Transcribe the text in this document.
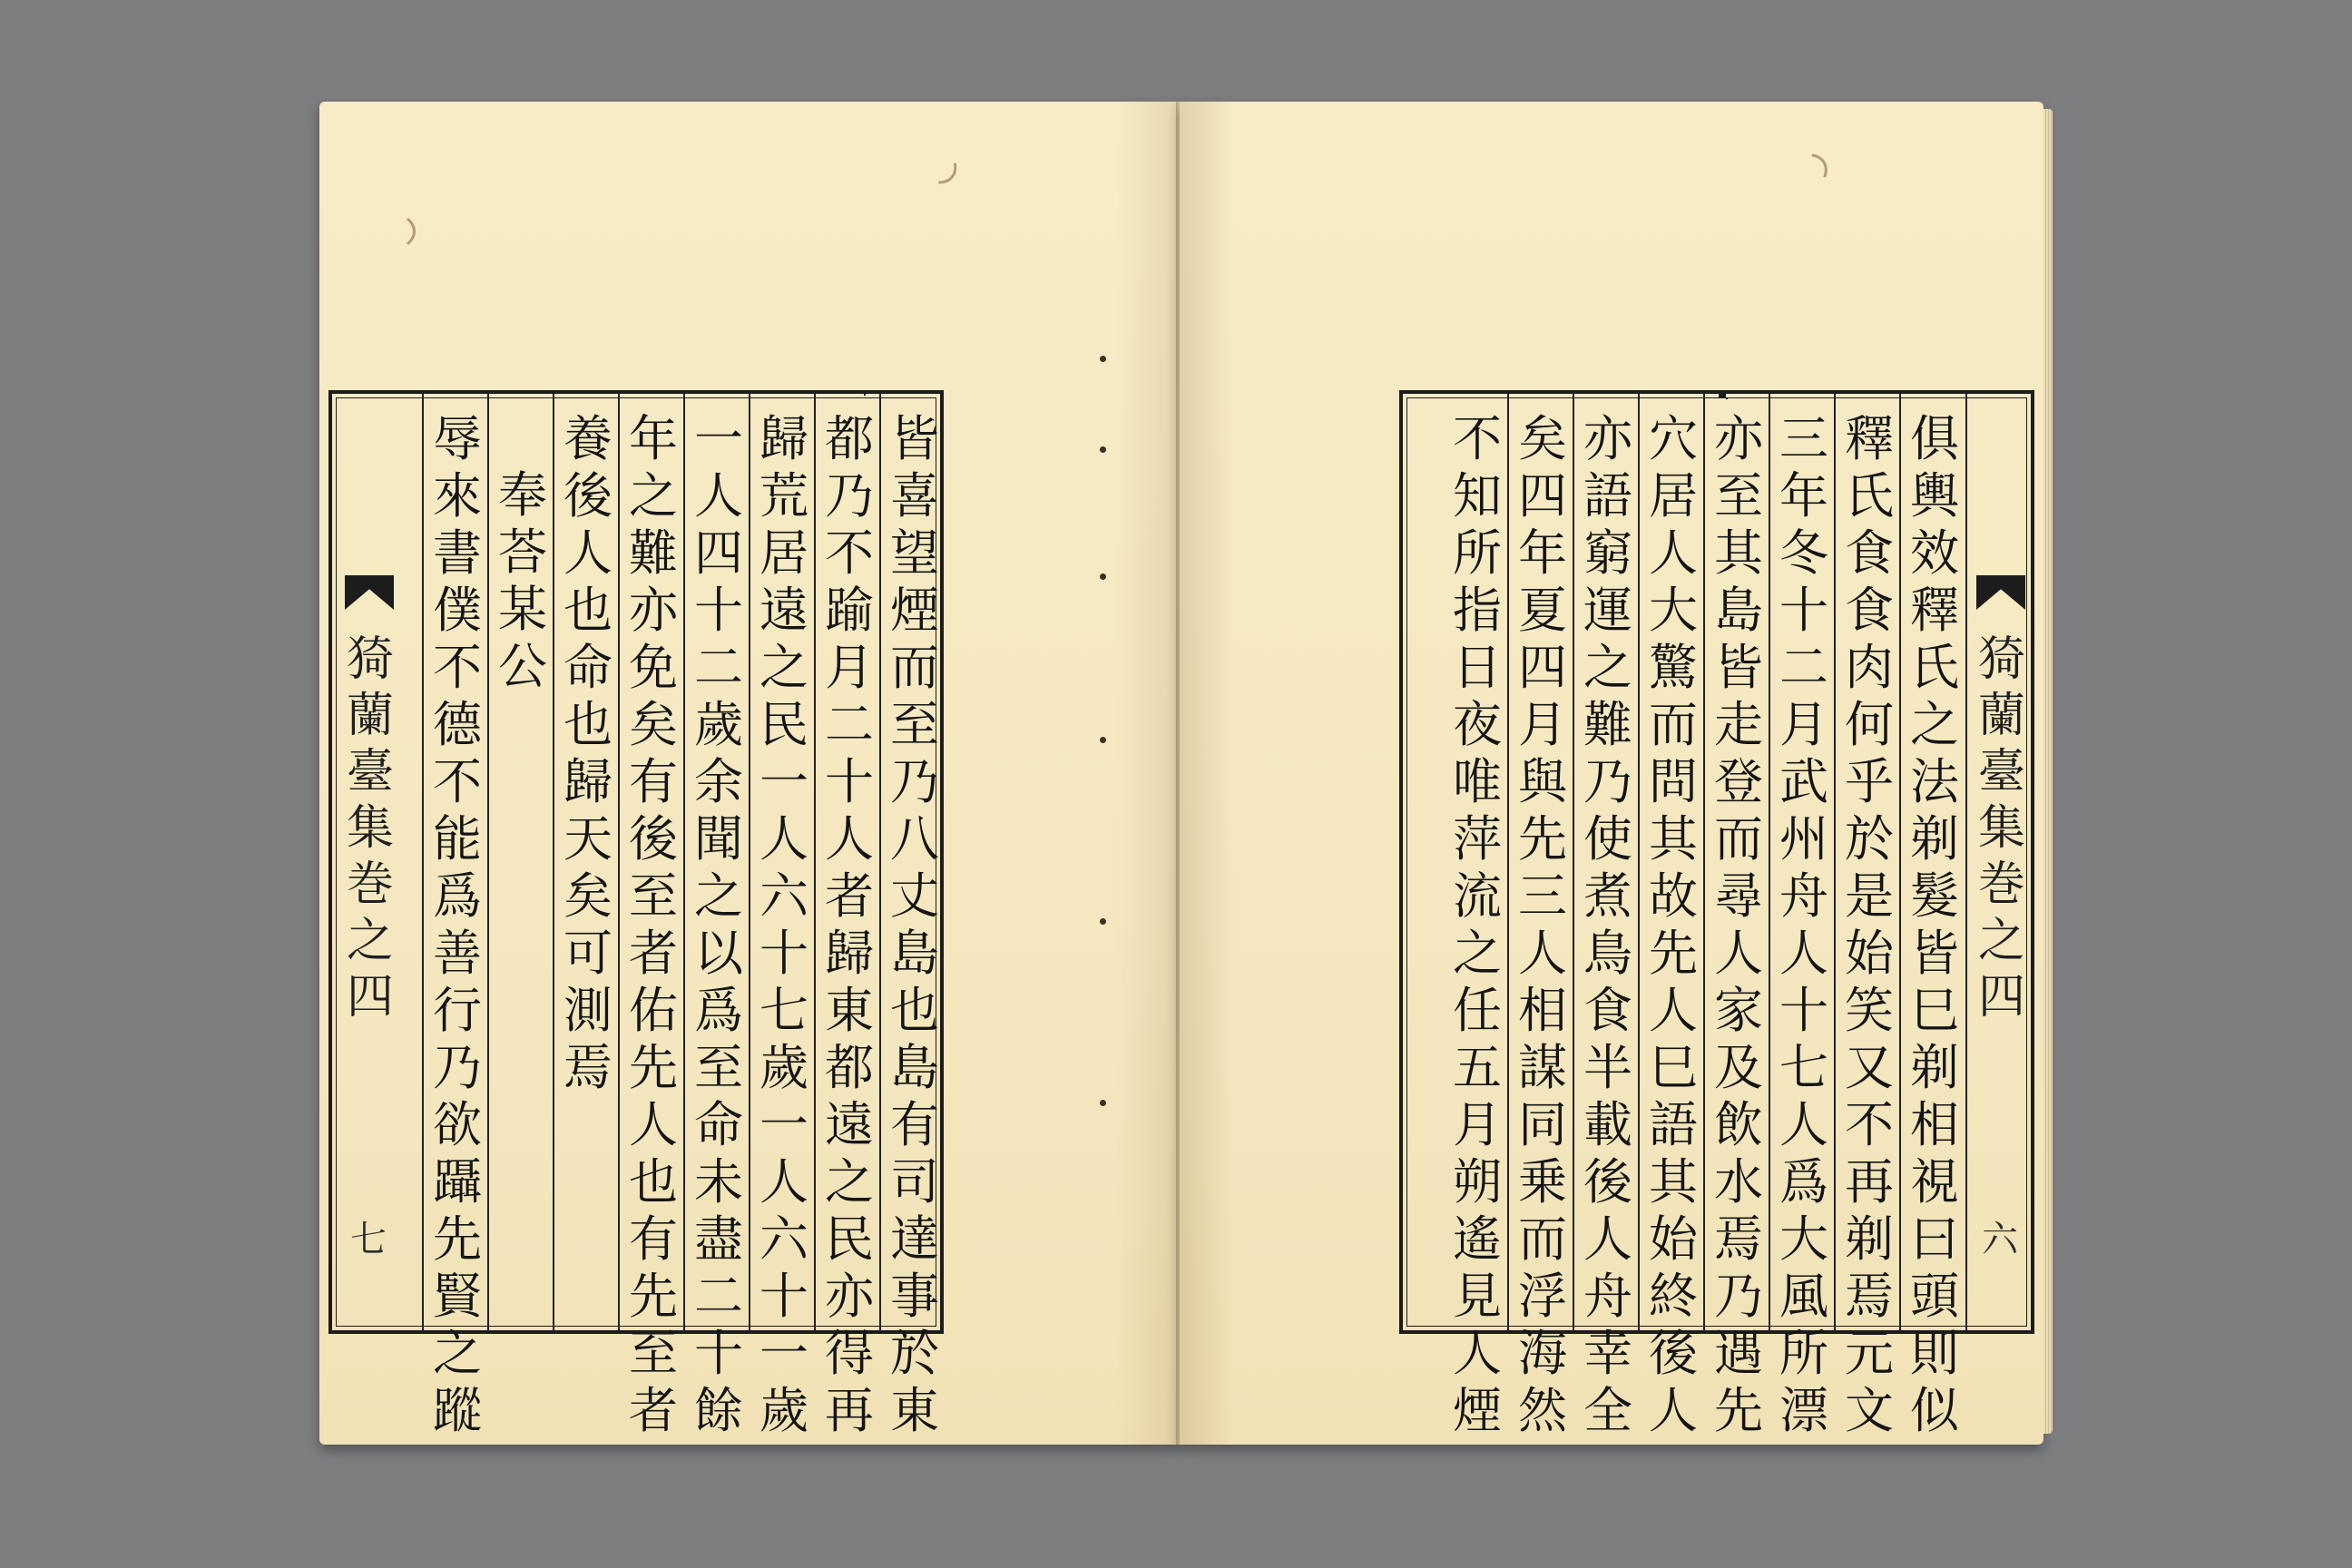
皆喜望煙而至乃八丈島也島有司達事於東
都乃不踰月二十人者歸東都遠之民亦得再
歸荒居遠之民一人六十七歲一人六十一歲
一人四十二歲余聞之以爲至命未盡二十餘
年之難亦免矣有後至者佑先人也有先至者
養後人也命也歸天矣可測焉
奉荅某公
辱來書僕不德不能爲善行乃欲躡先賢之蹤
猗蘭臺集巻之四
七
俱輿效釋氏之法剃髮皆巳剃相視曰頭則似
釋氏食食肉何乎於是始笑又不再剃焉元文
三年冬十二月武州舟人十七人爲大風所漂
亦至其島皆走登而尋人家及飲水焉乃遇先
穴居人大驚而問其故先人巳語其始終後人
亦語窮運之難乃使煮鳥食半載後人舟幸全
矣四年夏四月與先三人相謀同乗而浮海然
不知所指日夜唯萍流之任五月朔遙見人煙
猗蘭臺集巻之四
六
